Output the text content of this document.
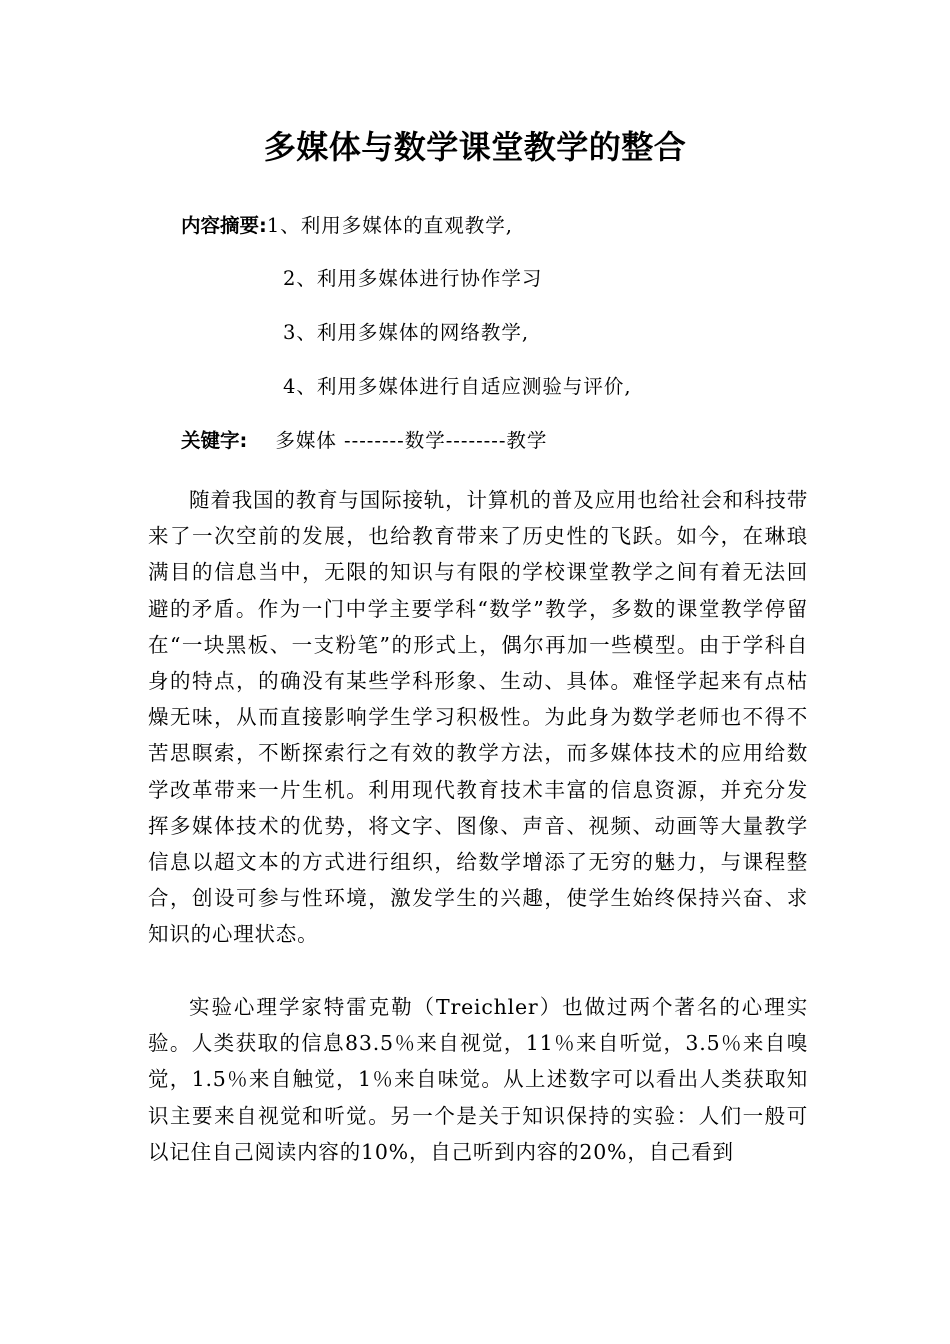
多媒体与数学课堂教学的整合
内容摘要:1、利用多媒体的直观教学,
2、利用多媒体进行协作学习
3、利用多媒体的网络教学,
4、利用多媒体进行自适应测验与评价,
关键字: 多媒体 --------数学--------教学
随着我国的教育与国际接轨，计算机的普及应用也给社会和科技带来了一次空前的发展，也给教育带来了历史性的飞跃。如今，在琳琅满目的信息当中，无限的知识与有限的学校课堂教学之间有着无法回避的矛盾。作为一门中学主要学科“数学”教学，多数的课堂教学停留在“一块黑板、一支粉笔”的形式上，偶尔再加一些模型。由于学科自身的特点，的确没有某些学科形象、生动、具体。难怪学起来有点枯燥无味，从而直接影响学生学习积极性。为此身为数学老师也不得不苦思瞑索，不断探索行之有效的教学方法，而多媒体技术的应用给数学改革带来一片生机。利用现代教育技术丰富的信息资源，并充分发挥多媒体技术的优势，将文字、图像、声音、视频、动画等大量教学信息以超文本的方式进行组织，给数学增添了无穷的魅力，与课程整合，创设可参与性环境，激发学生的兴趣，使学生始终保持兴奋、求知识的心理状态。
实验心理学家特雷克勒（Treichler）也做过两个著名的心理实验。人类获取的信息83.5％来自视觉，11％来自听觉，3.5％来自嗅觉，1.5％来自触觉，1％来自味觉。从上述数字可以看出人类获取知识主要来自视觉和听觉。另一个是关于知识保持的实验：人们一般可以记住自己阅读内容的10%，自己听到内容的20%，自己看到
